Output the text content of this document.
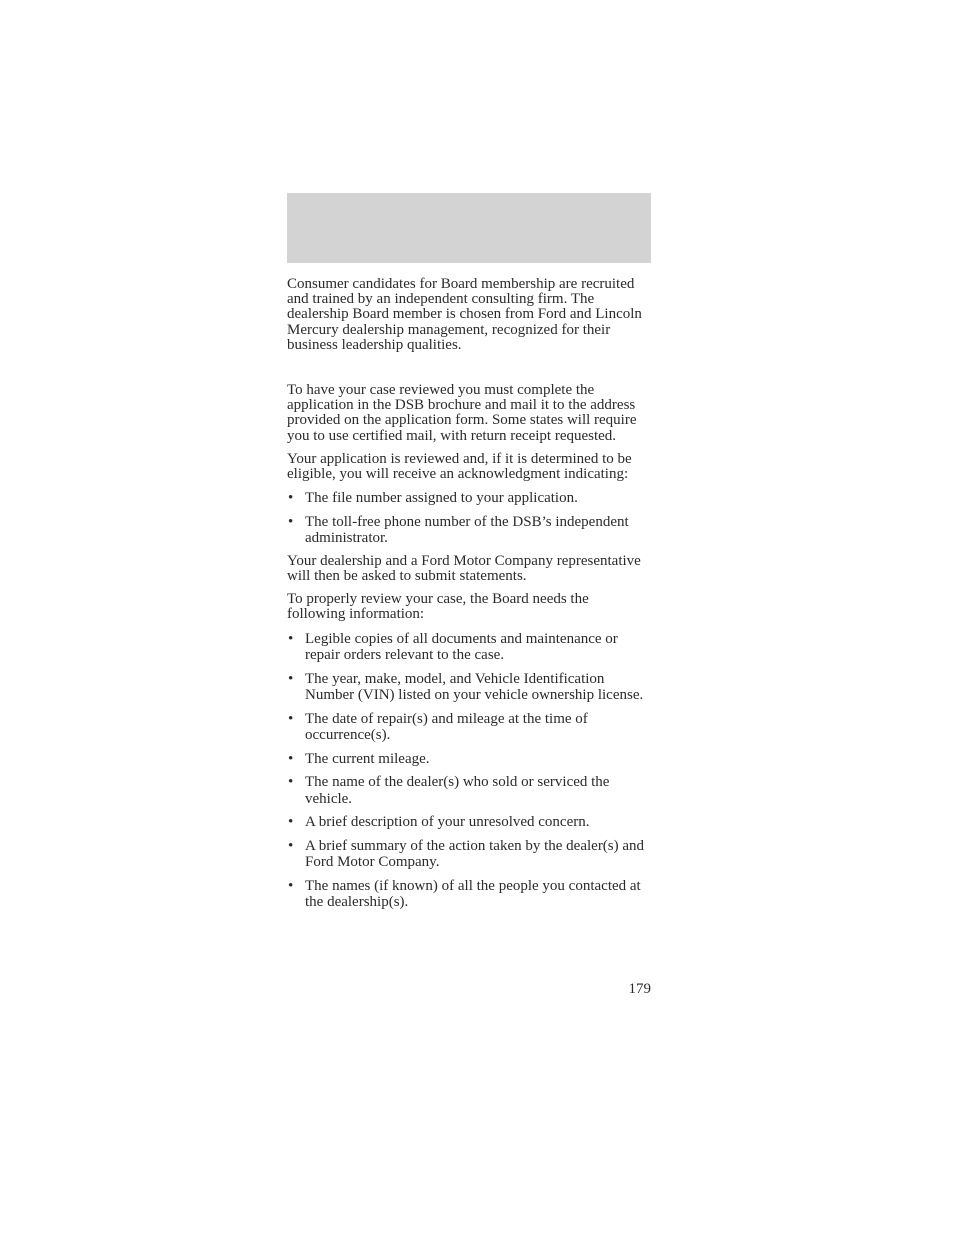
Consumer candidates for Board membership are recruited and trained by an independent consulting firm. The dealership Board member is chosen from Ford and Lincoln Mercury dealership management, recognized for their business leadership qualities.

To have your case reviewed you must complete the application in the DSB brochure and mail it to the address provided on the application form. Some states will require you to use certified mail, with return receipt requested.

Your application is reviewed and, if it is determined to be eligible, you will receive an acknowledgment indicating:

• The file number assigned to your application.
• The toll-free phone number of the DSB’s independent administrator.

Your dealership and a Ford Motor Company representative will then be asked to submit statements.

To properly review your case, the Board needs the following information:

• Legible copies of all documents and maintenance or repair orders relevant to the case.
• The year, make, model, and Vehicle Identification Number (VIN) listed on your vehicle ownership license.
• The date of repair(s) and mileage at the time of occurrence(s).
• The current mileage.
• The name of the dealer(s) who sold or serviced the vehicle.
• A brief description of your unresolved concern.
• A brief summary of the action taken by the dealer(s) and Ford Motor Company.
• The names (if known) of all the people you contacted at the dealership(s).
179
